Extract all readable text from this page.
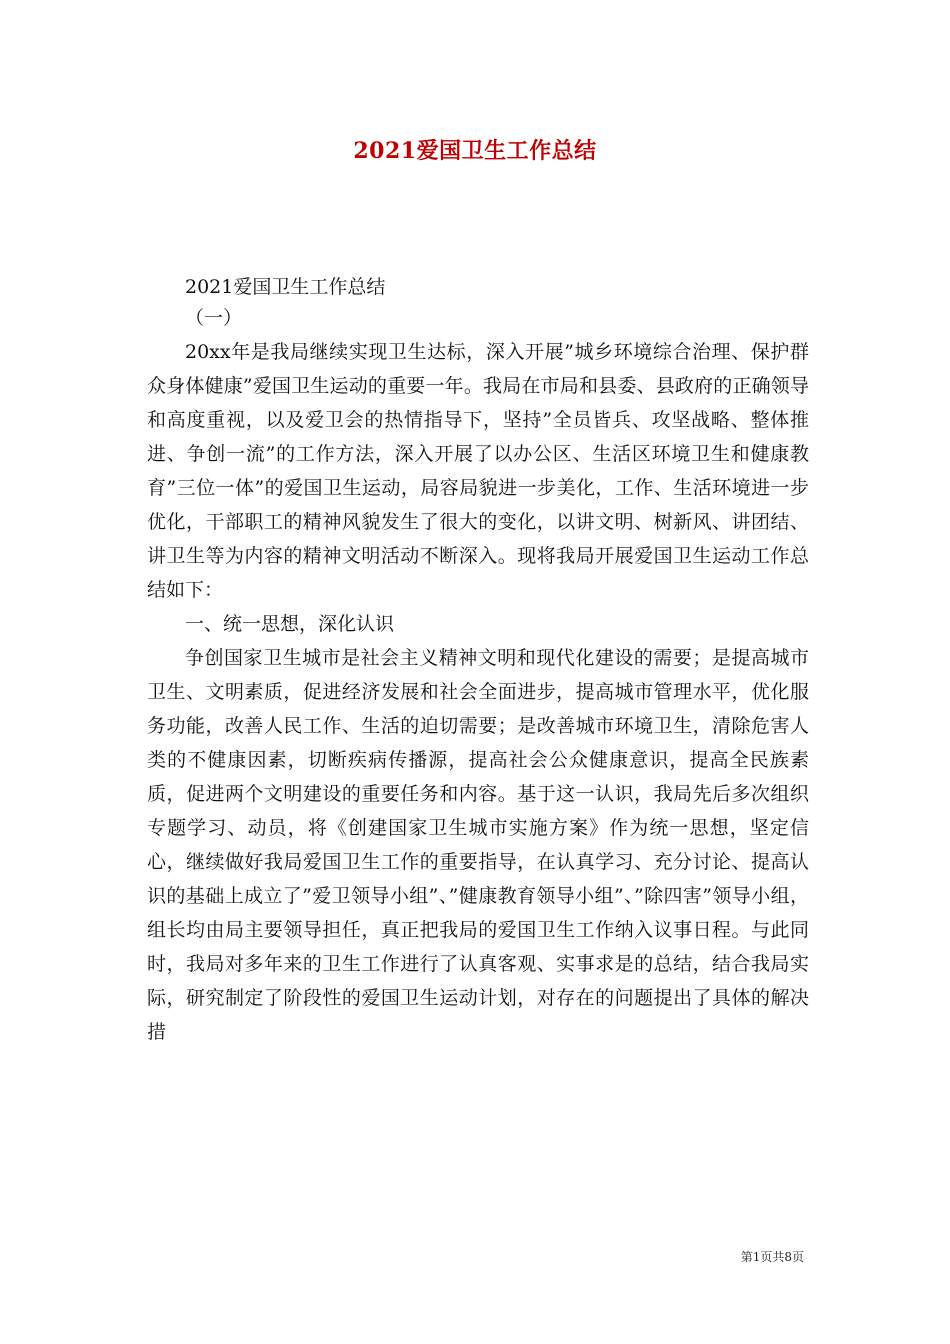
2021爱国卫生工作总结

2021爱国卫生工作总结

（一）

20xx年是我局继续实现卫生达标，深入开展”城乡环境综合治理、保护群众身体健康”爱国卫生运动的重要一年。我局在市局和县委、县政府的正确领导和高度重视，以及爱卫会的热情指导下，坚持”全员皆兵、攻坚战略、整体推进、争创一流”的工作方法，深入开展了以办公区、生活区环境卫生和健康教育”三位一体”的爱国卫生运动，局容局貌进一步美化，工作、生活环境进一步优化，干部职工的精神风貌发生了很大的变化，以讲文明、树新风、讲团结、讲卫生等为内容的精神文明活动不断深入。现将我局开展爱国卫生运动工作总结如下：

一、统一思想，深化认识

争创国家卫生城市是社会主义精神文明和现代化建设的需要；是提高城市卫生、文明素质，促进经济发展和社会全面进步，提高城市管理水平，优化服务功能，改善人民工作、生活的迫切需要；是改善城市环境卫生，清除危害人类的不健康因素，切断疾病传播源，提高社会公众健康意识，提高全民族素质，促进两个文明建设的重要任务和内容。基于这一认识，我局先后多次组织专题学习、动员，将《创建国家卫生城市实施方案》作为统一思想，坚定信心，继续做好我局爱国卫生工作的重要指导，在认真学习、充分讨论、提高认识的基础上成立了”爱卫领导小组”、”健康教育领导小组”、”除四害”领导小组，组长均由局主要领导担任，真正把我局的爱国卫生工作纳入议事日程。与此同时，我局对多年来的卫生工作进行了认真客观、实事求是的总结，结合我局实际，研究制定了阶段性的爱国卫生运动计划，对存在的问题提出了具体的解决措

第1页共8页
